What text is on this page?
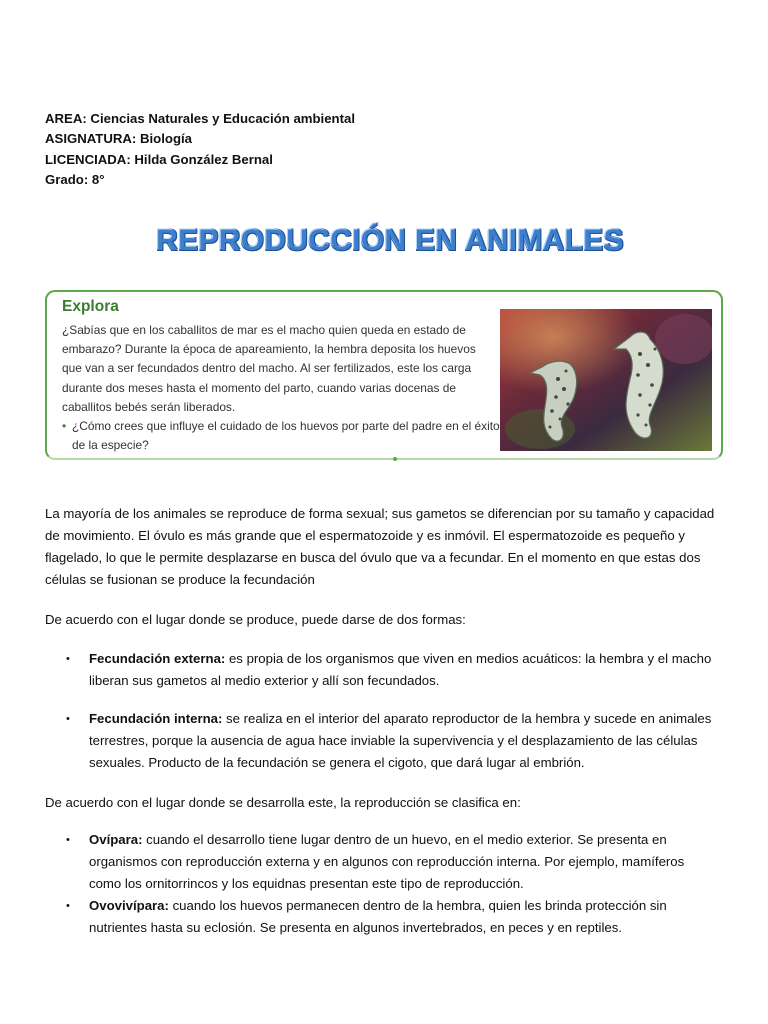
AREA: Ciencias Naturales y Educación ambiental
ASIGNATURA: Biología
LICENCIADA: Hilda González Bernal
Grado: 8°
REPRODUCCIÓN EN ANIMALES
Explora
¿Sabías que en los caballitos de mar es el macho quien queda en estado de embarazo? Durante la época de apareamiento, la hembra deposita los huevos que van a ser fecundados dentro del macho. Al ser fertilizados, este los carga durante dos meses hasta el momento del parto, cuando varias docenas de caballitos bebés serán liberados.
• ¿Cómo crees que influye el cuidado de los huevos por parte del padre en el éxito de la especie?
La mayoría de los animales se reproduce de forma sexual; sus gametos se diferencian por su tamaño y capacidad de movimiento. El óvulo es más grande que el espermatozoide y es inmóvil. El espermatozoide es pequeño y flagelado, lo que le permite desplazarse en busca del óvulo que va a fecundar. En el momento en que estas dos células se fusionan se produce la fecundación
De acuerdo con el lugar donde se produce, puede darse de dos formas:
• Fecundación externa: es propia de los organismos que viven en medios acuáticos: la hembra y el macho liberan sus gametos al medio exterior y allí son fecundados.
• Fecundación interna: se realiza en el interior del aparato reproductor de la hembra y sucede en animales terrestres, porque la ausencia de agua hace inviable la supervivencia y el desplazamiento de las células sexuales. Producto de la fecundación se genera el cigoto, que dará lugar al embrión.
De acuerdo con el lugar donde se desarrolla este, la reproducción se clasifica en:
• Ovípara: cuando el desarrollo tiene lugar dentro de un huevo, en el medio exterior. Se presenta en organismos con reproducción externa y en algunos con reproducción interna. Por ejemplo, mamíferos como los ornitorrincos y los equidnas presentan este tipo de reproducción.
• Ovovivípara: cuando los huevos permanecen dentro de la hembra, quien les brinda protección sin nutrientes hasta su eclosión. Se presenta en algunos invertebrados, en peces y en reptiles.
